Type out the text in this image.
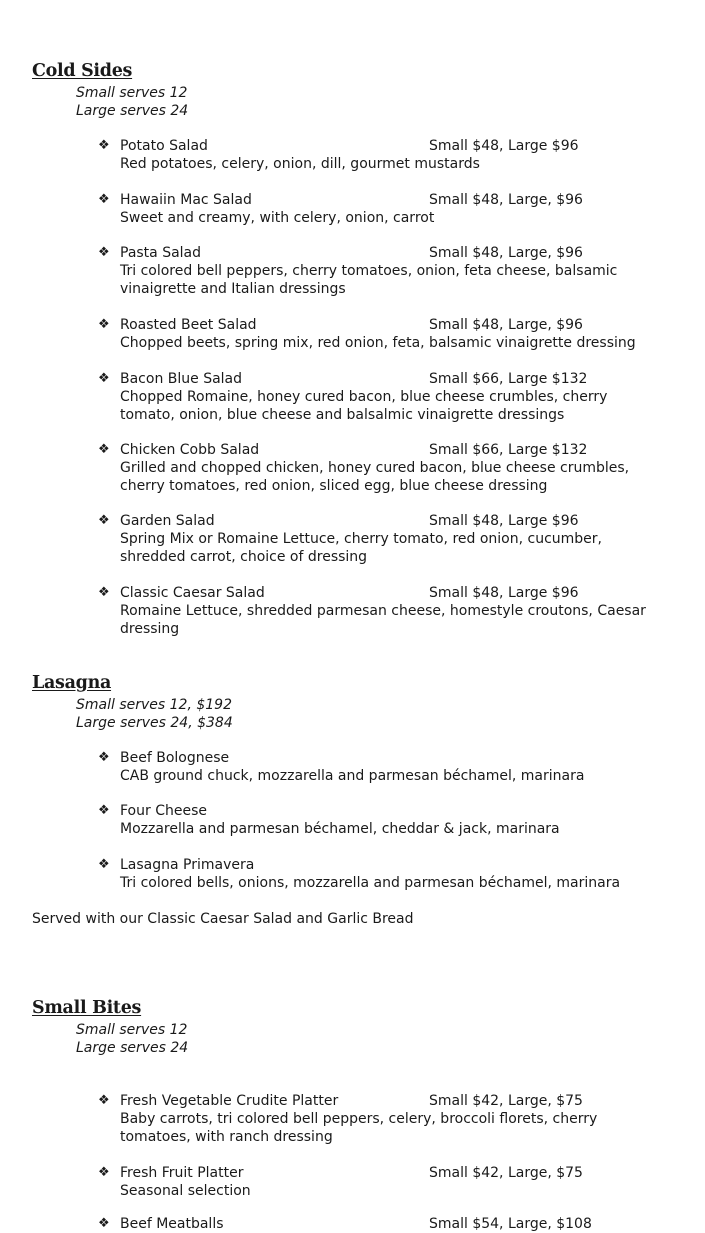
Cold Sides
Small serves 12
Large serves 24
❖ Potato Salad	Small $48, Large $96
Red potatoes, celery, onion, dill, gourmet mustards
❖ Hawaiin Mac Salad	Small $48, Large, $96
Sweet and creamy, with celery, onion, carrot
❖ Pasta Salad	Small $48, Large, $96
Tri colored bell peppers, cherry tomatoes, onion, feta cheese, balsamic
vinaigrette and Italian dressings
❖ Roasted Beet Salad	Small $48, Large, $96
Chopped beets, spring mix, red onion, feta, balsamic vinaigrette dressing
❖ Bacon Blue Salad	Small $66, Large $132
Chopped Romaine, honey cured bacon, blue cheese crumbles, cherry
tomato, onion, blue cheese and balsalmic vinaigrette dressings
❖ Chicken Cobb Salad	Small $66, Large $132
Grilled and chopped chicken, honey cured bacon, blue cheese crumbles,
cherry tomatoes, red onion, sliced egg, blue cheese dressing
❖ Garden Salad	Small $48, Large $96
Spring Mix or Romaine Lettuce, cherry tomato, red onion, cucumber,
shredded carrot, choice of dressing
❖ Classic Caesar Salad	Small $48, Large $96
Romaine Lettuce, shredded parmesan cheese, homestyle croutons, Caesar
dressing
Lasagna
Small serves 12, $192
Large serves 24, $384
❖ Beef Bolognese
CAB ground chuck, mozzarella and parmesan béchamel, marinara
❖ Four Cheese
Mozzarella and parmesan béchamel, cheddar & jack, marinara
❖ Lasagna Primavera
Tri colored bells, onions, mozzarella and parmesan béchamel, marinara
Served with our Classic Caesar Salad and Garlic Bread
Small Bites
Small serves 12
Large serves 24
❖ Fresh Vegetable Crudite Platter	Small $42, Large, $75
Baby carrots, tri colored bell peppers, celery, broccoli florets, cherry
tomatoes, with ranch dressing
❖ Fresh Fruit Platter	Small $42, Large, $75
Seasonal selection
❖ Beef Meatballs	Small $54, Large, $108
